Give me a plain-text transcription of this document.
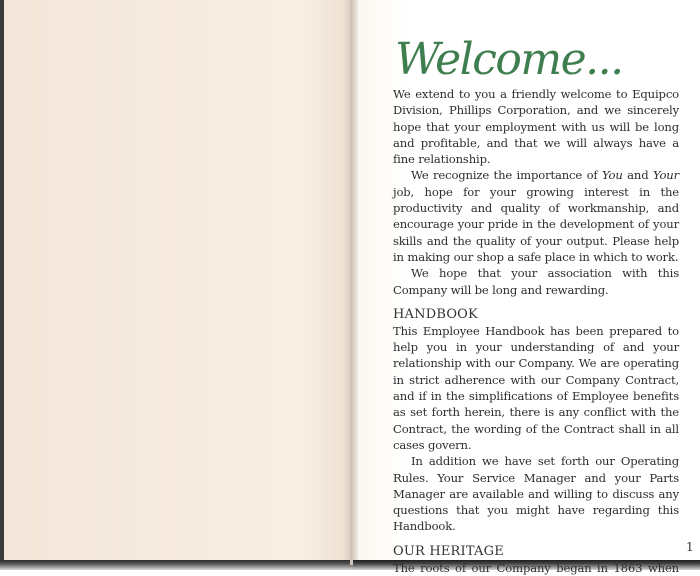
Welcome...

We extend to you a friendly welcome to Equipco Division, Phillips Corporation, and we sincerely hope that your employment with us will be long and profitable, and that we will always have a fine relationship.

We recognize the importance of You and Your job, hope for your growing interest in the productivity and quality of workmanship, and encourage your pride in the development of your skills and the quality of your output. Please help in making our shop a safe place in which to work.

We hope that your association with this Company will be long and rewarding.

HANDBOOK

This Employee Handbook has been prepared to help you in your understanding of and your relationship with our Company. We are operating in strict adherence with our Company Contract, and if in the simplifications of Employee benefits as set forth herein, there is any conflict with the Contract, the wording of the Contract shall in all cases govern.

In addition we have set forth our Operating Rules. Your Service Manager and your Parts Manager are available and willing to discuss any questions that you might have regarding this Handbook.

OUR HERITAGE

The roots of our Company began in 1863 when

1
